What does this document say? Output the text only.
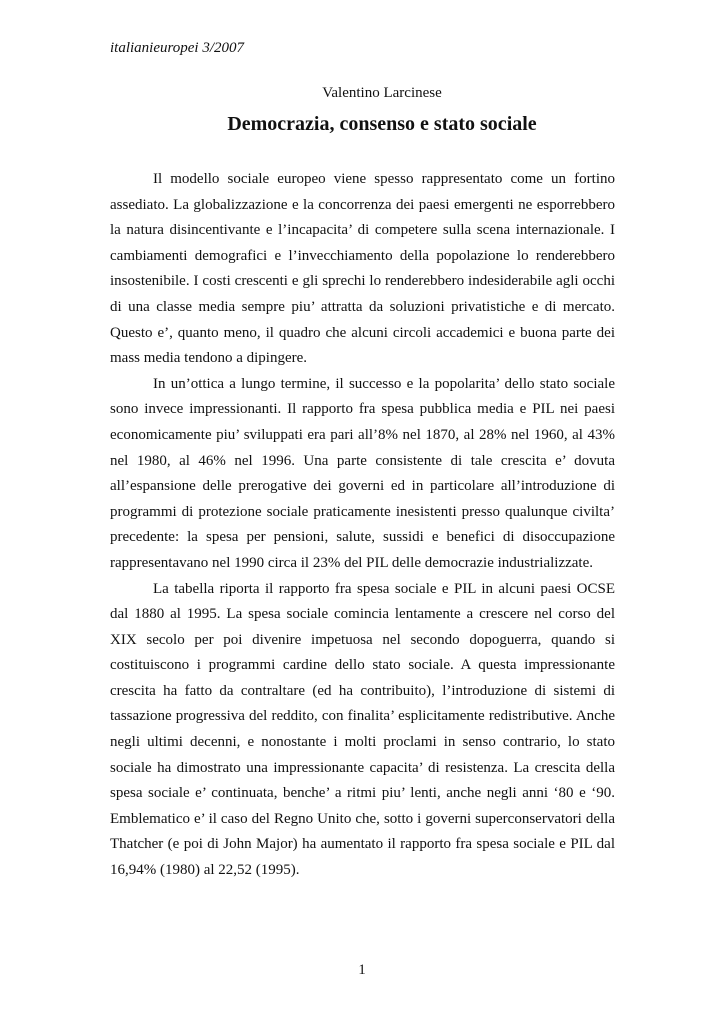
italianieuropei 3/2007

Valentino Larcinese

Democrazia, consenso e stato sociale

Il modello sociale europeo viene spesso rappresentato come un fortino assediato. La globalizzazione e la concorrenza dei paesi emergenti ne esporrebbero la natura disincentivante e l’incapacita’ di competere sulla scena internazionale. I cambiamenti demografici e l’invecchiamento della popolazione lo renderebbero insostenibile. I costi crescenti e gli sprechi lo renderebbero indesiderabile agli occhi di una classe media sempre piu’ attratta da soluzioni privatistiche e di mercato. Questo e’, quanto meno, il quadro che alcuni circoli accademici e buona parte dei mass media tendono a dipingere.

In un’ottica a lungo termine, il successo e la popolarita’ dello stato sociale sono invece impressionanti. Il rapporto fra spesa pubblica media e PIL nei paesi economicamente piu’ sviluppati era pari all’8% nel 1870, al 28% nel 1960, al 43% nel 1980, al 46% nel 1996. Una parte consistente di tale crescita e’ dovuta all’espansione delle prerogative dei governi ed in particolare all’introduzione di programmi di protezione sociale praticamente inesistenti presso qualunque civilta’ precedente: la spesa per pensioni, salute, sussidi e benefici di disoccupazione rappresentavano nel 1990 circa il 23% del PIL delle democrazie industrializzate.

La tabella riporta il rapporto fra spesa sociale e PIL in alcuni paesi OCSE dal 1880 al 1995. La spesa sociale comincia lentamente a crescere nel corso del XIX secolo per poi divenire impetuosa nel secondo dopoguerra, quando si costituiscono i programmi cardine dello stato sociale. A questa impressionante crescita ha fatto da contraltare (ed ha contribuito), l’introduzione di sistemi di tassazione progressiva del reddito, con finalita’ esplicitamente redistributive. Anche negli ultimi decenni, e nonostante i molti proclami in senso contrario, lo stato sociale ha dimostrato una impressionante capacita’ di resistenza. La crescita della spesa sociale e’ continuata, benche’ a ritmi piu’ lenti, anche negli anni ‘80 e ‘90. Emblematico e’ il caso del Regno Unito che, sotto i governi superconservatori della Thatcher (e poi di John Major) ha aumentato il rapporto fra spesa sociale e PIL dal 16,94% (1980) al 22,52 (1995).

1
